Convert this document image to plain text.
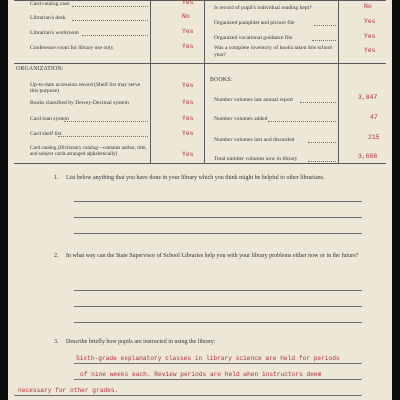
Card catalog case	Yes
Librarian's desk	No
Librarian's workroom	Yes
Conference room for library use only	Yes
Is record of pupil's individual reading kept?	No
Organized pamphlet and picture file	Yes
Organized vocational guidance file	Yes
Was a complete inventory of books taken this school year?
Yes
ORGANIZATION:
Up-to-date accession record (Shelf list may serve this purpose)
Yes
Books classified by Dewey-Decimal system	Yes
Card loan system	Yes
Card shelf list	Yes
Card catalog (Dictionary catalog—contains author, title, and subject cards arranged alphabetically)	Yes
BOOKS:
Number volumes last annual report	3,847
Number volumes added	47
Number volumes lost and discarded	215
Total number volumes now in library	3,688
1. List below anything that you have done in your library which you think might be helpful to other librarians.
2. In what way can the State Supervisor of School Libraries help you with your library problems either now or in the future?
3. Describe briefly how pupils are instructed in using the library:
Sixth-grade explanatory classes in library science are held for periods
of nine weeks each. Review periods are held when instructors deem
necessary for other grades.
